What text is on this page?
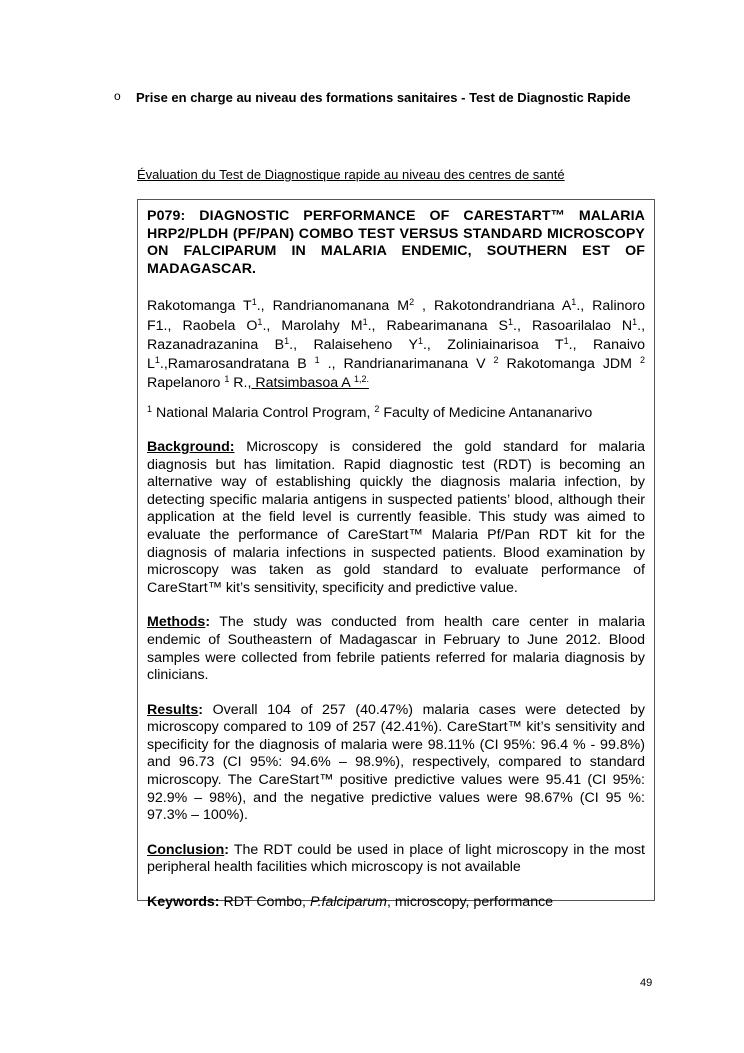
o Prise en charge au niveau des formations sanitaires - Test de Diagnostic Rapide
Évaluation du Test de Diagnostique rapide au niveau des centres de santé

P079: DIAGNOSTIC PERFORMANCE OF CARESTART™ MALARIA HRP2/PLDH (PF/PAN) COMBO TEST VERSUS STANDARD MICROSCOPY ON FALCIPARUM IN MALARIA ENDEMIC, SOUTHERN EST OF MADAGASCAR.

Rakotomanga $T^1$., Randrianomanana $M^2$ , Rakotondrandriana $A^1$., Ralinoro F1., Raobela $O^1$., Marolahy $M^1$., Rabearimanana $S^1$., Rasoarilalao $N^1$., Razanadrazanina $B^1$., Ralaiseheno $Y^1$., Zoliniainarisoa $T^1$., Ranaivo $L^1.,Ramarosandratana$ B $^1$ ., Randrianarimanana V $^2$ Rakotomanga JDM $^2$ Rapelanoro $^1$ R., Ratsimbasoa A $^{1,2.}$

$^1$ National Malaria Control Program, $^2$ Faculty of Medicine Antananarivo

Background: Microscopy is considered the gold standard for malaria diagnosis but has limitation. Rapid diagnostic test (RDT) is becoming an alternative way of establishing quickly the diagnosis malaria infection, by detecting specific malaria antigens in suspected patients’ blood, although their application at the field level is currently feasible. This study was aimed to evaluate the performance of CareStart™ Malaria Pf/Pan RDT kit for the diagnosis of malaria infections in suspected patients. Blood examination by microscopy was taken as gold standard to evaluate performance of CareStart™ kit’s sensitivity, specificity and predictive value.

Methods: The study was conducted from health care center in malaria endemic of Southeastern of Madagascar in February to June 2012. Blood samples were collected from febrile patients referred for malaria diagnosis by clinicians.

Results: Overall 104 of 257 (40.47%) malaria cases were detected by microscopy compared to 109 of 257 (42.41%). CareStart™ kit’s sensitivity and specificity for the diagnosis of malaria were 98.11% (CI 95%: 96.4 % - 99.8%) and 96.73 (CI 95%: 94.6% – 98.9%), respectively, compared to standard microscopy. The CareStart™ positive predictive values were 95.41 (CI 95%: 92.9% – 98%), and the negative predictive values were 98.67% (CI 95 %: 97.3% – 100%).

Conclusion: The RDT could be used in place of light microscopy in the most peripheral health facilities which microscopy is not available

Keywords: RDT Combo, P.falciparum, microscopy, performance

49
